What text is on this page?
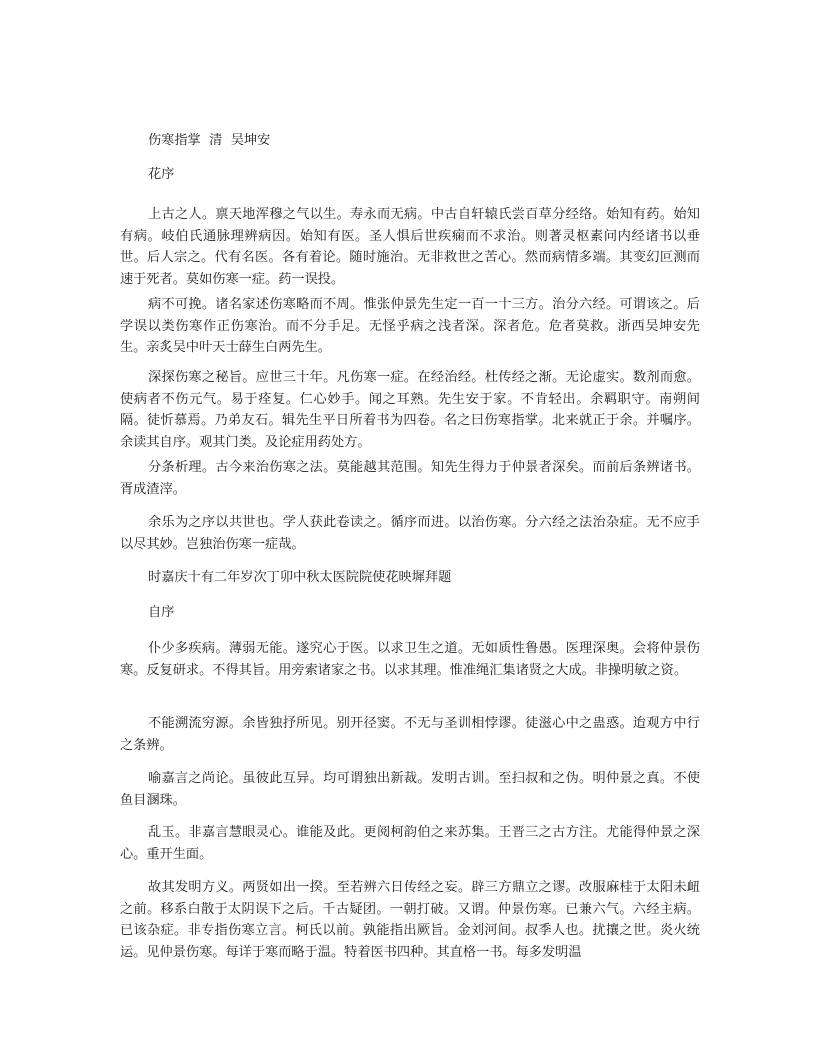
伤寒指掌  清  吴坤安

花序

上古之人。禀天地浑穆之气以生。寿永而无病。中古自轩辕氏尝百草分经络。始知有药。始知有病。岐伯氏通脉理辨病因。始知有医。圣人惧后世疾痫而不求治。则著灵枢素问内经诸书以垂世。后人宗之。代有名医。各有着论。随时施治。无非救世之苦心。然而病情多端。其变幻叵测而速于死者。莫如伤寒一症。药一误投。

病不可挽。诸名家述伤寒略而不周。惟张仲景先生定一百一十三方。治分六经。可谓该之。后学误以类伤寒作正伤寒治。而不分手足。无怪乎病之浅者深。深者危。危者莫救。浙西吴坤安先生。亲炙吴中叶天士薛生白两先生。

深探伤寒之秘旨。应世三十年。凡伤寒一症。在经治经。杜传经之渐。无论虚实。数剂而愈。使病者不伤元气。易于痊复。仁心妙手。闻之耳熟。先生安于家。不肯轻出。余羁职守。南朔间隔。徒忻慕焉。乃弟友石。辑先生平日所着书为四卷。名之曰伤寒指掌。北来就正于余。并嘱序。余读其自序。观其门类。及论症用药处方。

分条析理。古今来治伤寒之法。莫能越其范围。知先生得力于仲景者深矣。而前后条辨诸书。胥成渣滓。

余乐为之序以共世也。学人获此卷读之。循序而进。以治伤寒。分六经之法治杂症。无不应手以尽其妙。岂独治伤寒一症哉。

时嘉庆十有二年岁次丁卯中秋太医院院使花映墀拜题

自序

仆少多疾病。薄弱无能。遂究心于医。以求卫生之道。无如质性鲁愚。医理深奥。会将仲景伤寒。反复研求。不得其旨。用旁索诸家之书。以求其理。惟准绳汇集诸贤之大成。非操明敏之资。

不能溯流穷源。余皆独抒所见。别开径窦。不无与圣训相悖谬。徒滋心中之蛊惑。迨观方中行之条辨。

喻嘉言之尚论。虽彼此互异。均可谓独出新裁。发明古训。至扫叔和之伪。明仲景之真。不使鱼目溷珠。

乱玉。非嘉言慧眼灵心。谁能及此。更阅柯韵伯之来苏集。王晋三之古方注。尤能得仲景之深心。重开生面。

故其发明方义。两贤如出一揆。至若辨六日传经之妄。辟三方鼎立之谬。改服麻桂于太阳未衄之前。移系白散于太阴误下之后。千古疑团。一朝打破。又谓。仲景伤寒。已兼六气。六经主病。已该杂症。非专指伤寒立言。柯氏以前。孰能指出厥旨。金刘河间。叔季人也。扰攘之世。炎火统运。见仲景伤寒。每详于寒而略于温。特着医书四种。其直格一书。每多发明温
